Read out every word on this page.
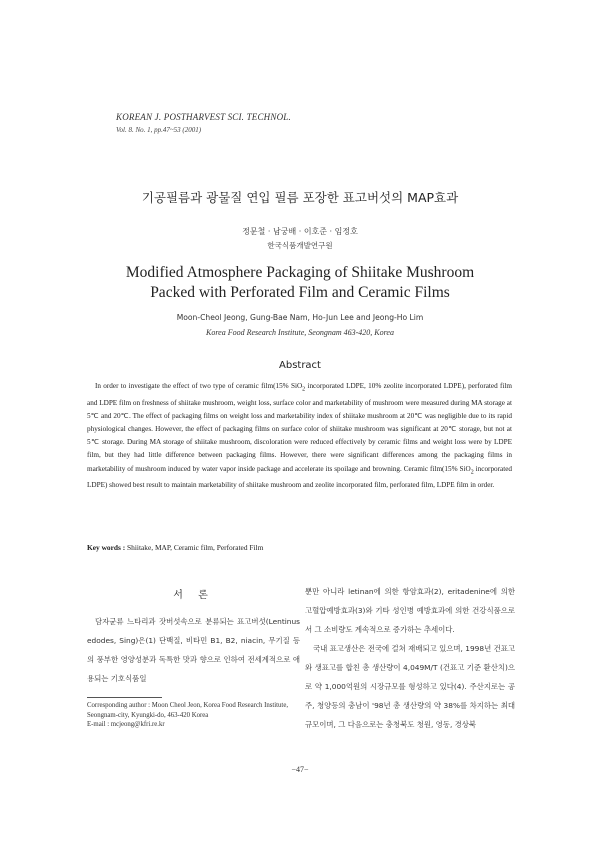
KOREAN J. POSTHARVEST SCI. TECHNOL.
Vol. 8. No. 1, pp.47~53 (2001)
기공필름과 광물질 연입 필름 포장한 표고버섯의 MAP효과
정문철 · 남궁배 · 이호준 · 임정호
한국식품개발연구원
Modified Atmosphere Packaging of Shiitake Mushroom
Packed with Perforated Film and Ceramic Films
Moon-Cheol Jeong, Gung-Bae Nam, Ho-Jun Lee and Jeong-Ho Lim
Korea Food Research Institute, Seongnam 463-420, Korea
Abstract

In order to investigate the effect of two type of ceramic film(15% SiO$_2$ incorporated LDPE, 10% zeolite incorporated LDPE), perforated film and LDPE film on freshness of shiitake mushroom, weight loss, surface color and marketability of mushroom were measured during MA storage at 5℃ and 20℃. The effect of packaging films on weight loss and marketability index of shiitake mushroom at 20℃ was negligible due to its rapid physiological changes. However, the effect of packaging films on surface color of shiitake mushroom was significant at 20℃ storage, but not at 5℃ storage. During MA storage of shiitake mushroom, discoloration were reduced effectively by ceramic films and weight loss were by LDPE film, but they had little difference between packaging films. However, there were significant differences among the packaging films in marketability of mushroom induced by water vapor inside package and accelerate its spoilage and browning. Ceramic film(15% SiO$_2$ incorporated LDPE) showed best result to maintain marketability of shiitake mushroom and zeolite incorporated film, perforated film, LDPE film in order.

Key words : Shiitake, MAP, Ceramic film, Perforated Film
서 론

담자균류 느타리과 잣버섯속으로 분류되는 표고버섯(Lentinus edodes, Sing)은(1) 단백질, 비타민 B1, B2, niacin, 무기질 등의 풍부한 영양성분과 독특한 맛과 향으로 인하여 전세계적으로 애용되는 기호식품일

Corresponding author : Moon Cheol Jeon, Korea Food Research Institute, Seongnam-city, Kyungki-do, 463-420 Korea
E-mail : mcjeong@kfri.re.kr

뿐만 아니라 letinan에 의한 항암효과(2), eritadenine에 의한 고혈압예방효과(3)와 기타 성인병 예방효과에 의한 건강식품으로서 그 소비량도 계속적으로 증가하는 추세이다.

국내 표고생산은 전국에 걸쳐 재배되고 있으며, 1998년 건표고와 생표고를 합친 총 생산량이 4,049M/T (건표고 기준 환산치)으로 약 1,000억원의 시장규모를 형성하고 있다(4). 주산지로는 공주, 청양등의 충남이 '98년 총 생산량의 약 38%를 차지하는 최대 규모이며, 그 다음으로는 충청북도 청원, 영동, 경상북

−47−
